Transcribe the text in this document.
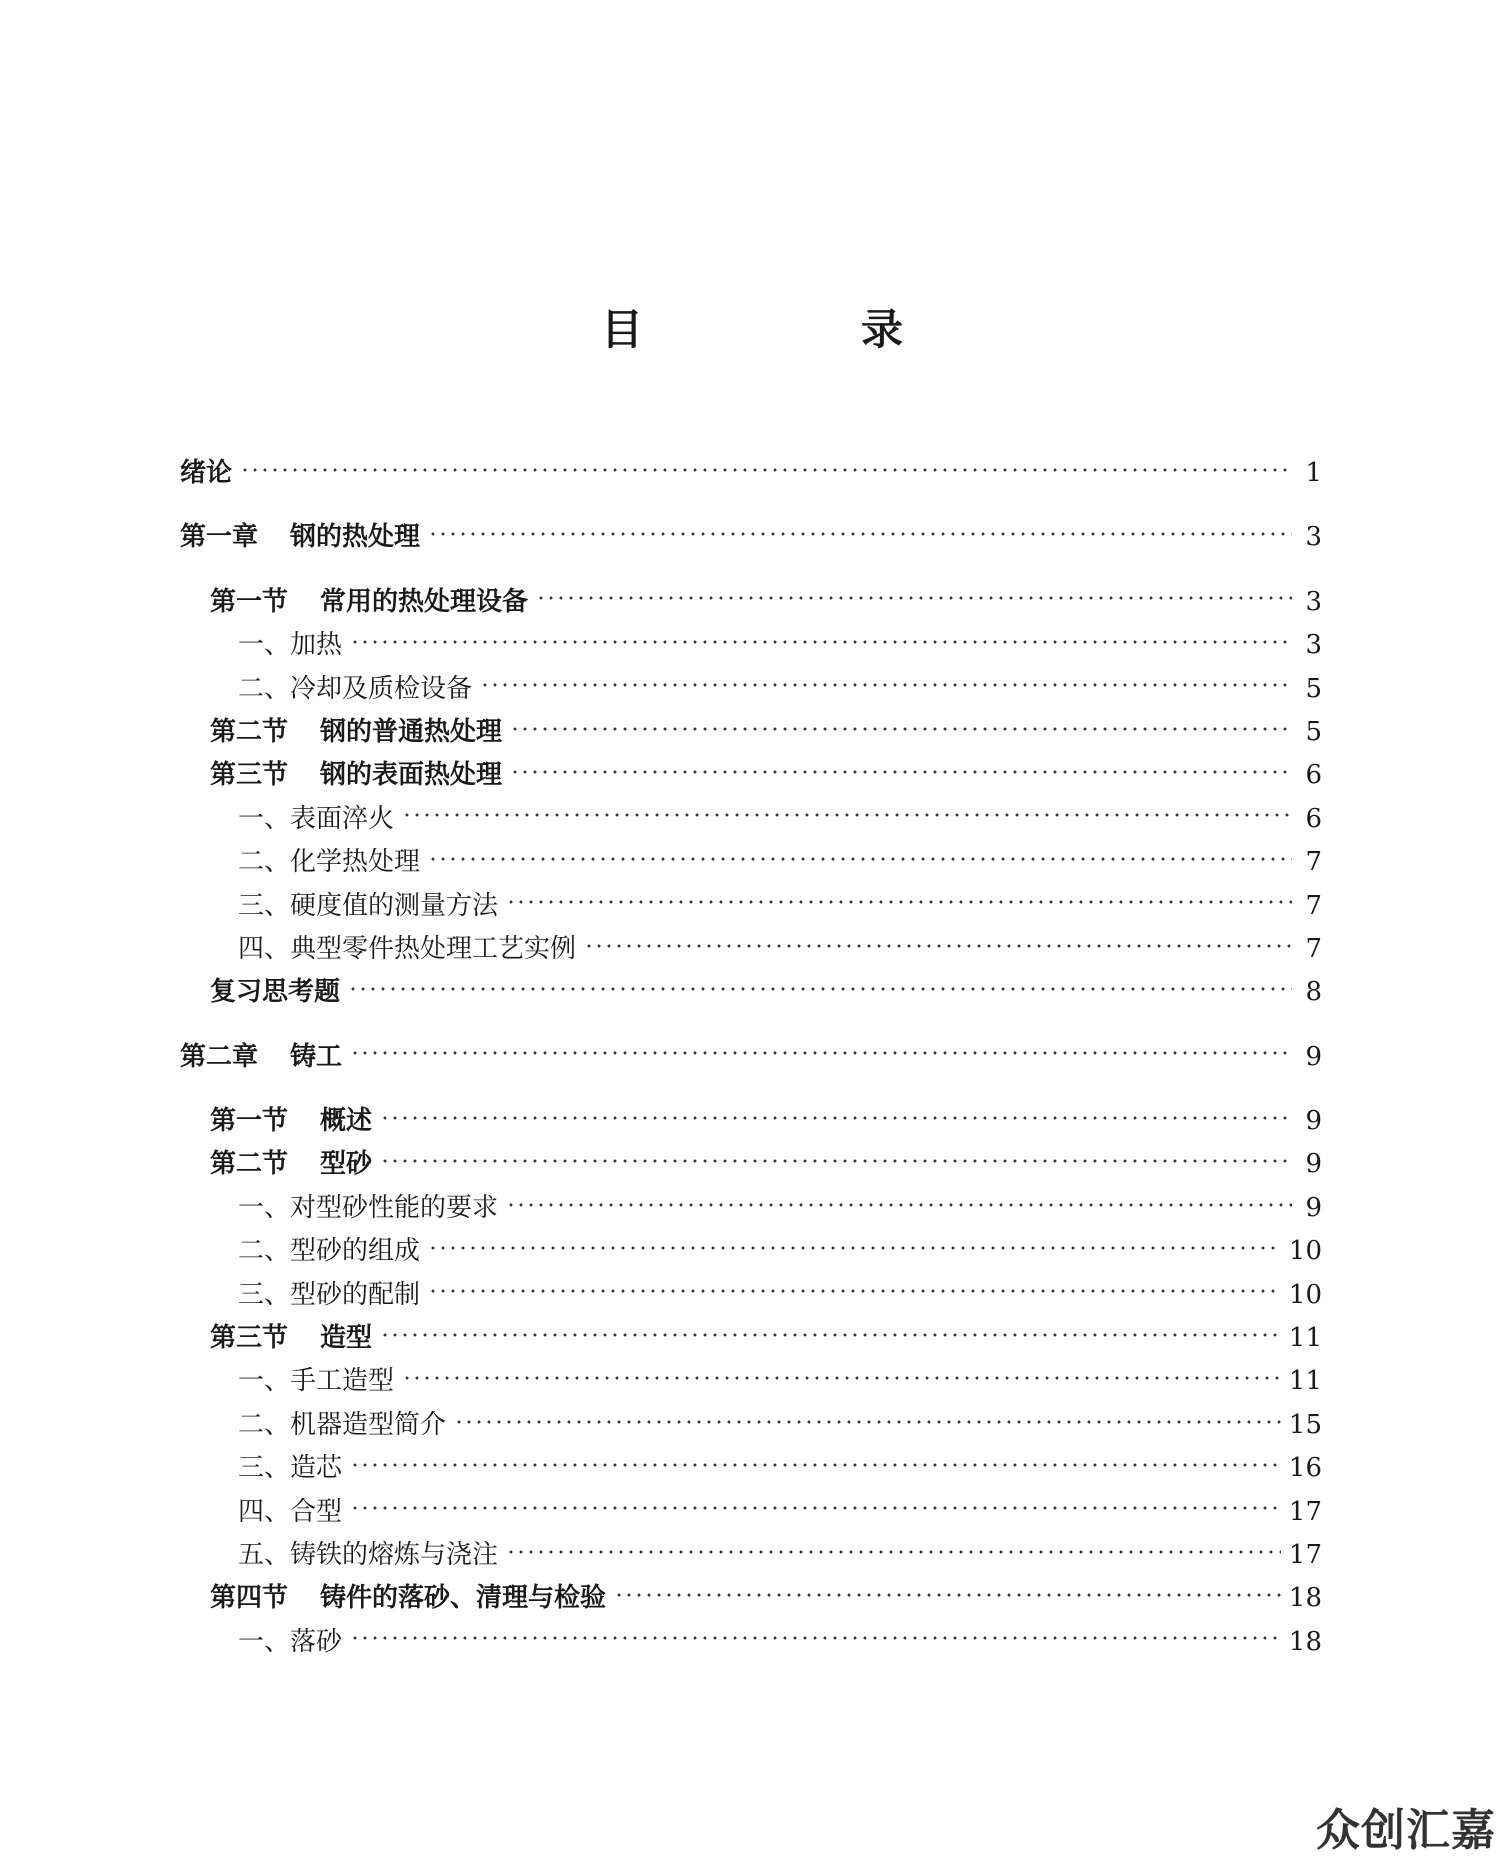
目　录
绪论	1
第一章 钢的热处理	3
第一节 常用的热处理设备	3
一、加热	3
二、冷却及质检设备	5
第二节 钢的普通热处理	5
第三节 钢的表面热处理	6
一、表面淬火	6
二、化学热处理	7
三、硬度值的测量方法	7
四、典型零件热处理工艺实例	7
复习思考题	8
第二章 铸工	9
第一节 概述	9
第二节 型砂	9
一、对型砂性能的要求	9
二、型砂的组成	10
三、型砂的配制	10
第三节 造型	11
一、手工造型	11
二、机器造型简介	15
三、造芯	16
四、合型	17
五、铸铁的熔炼与浇注	17
第四节 铸件的落砂、清理与检验	18
一、落砂	18
众创汇嘉
